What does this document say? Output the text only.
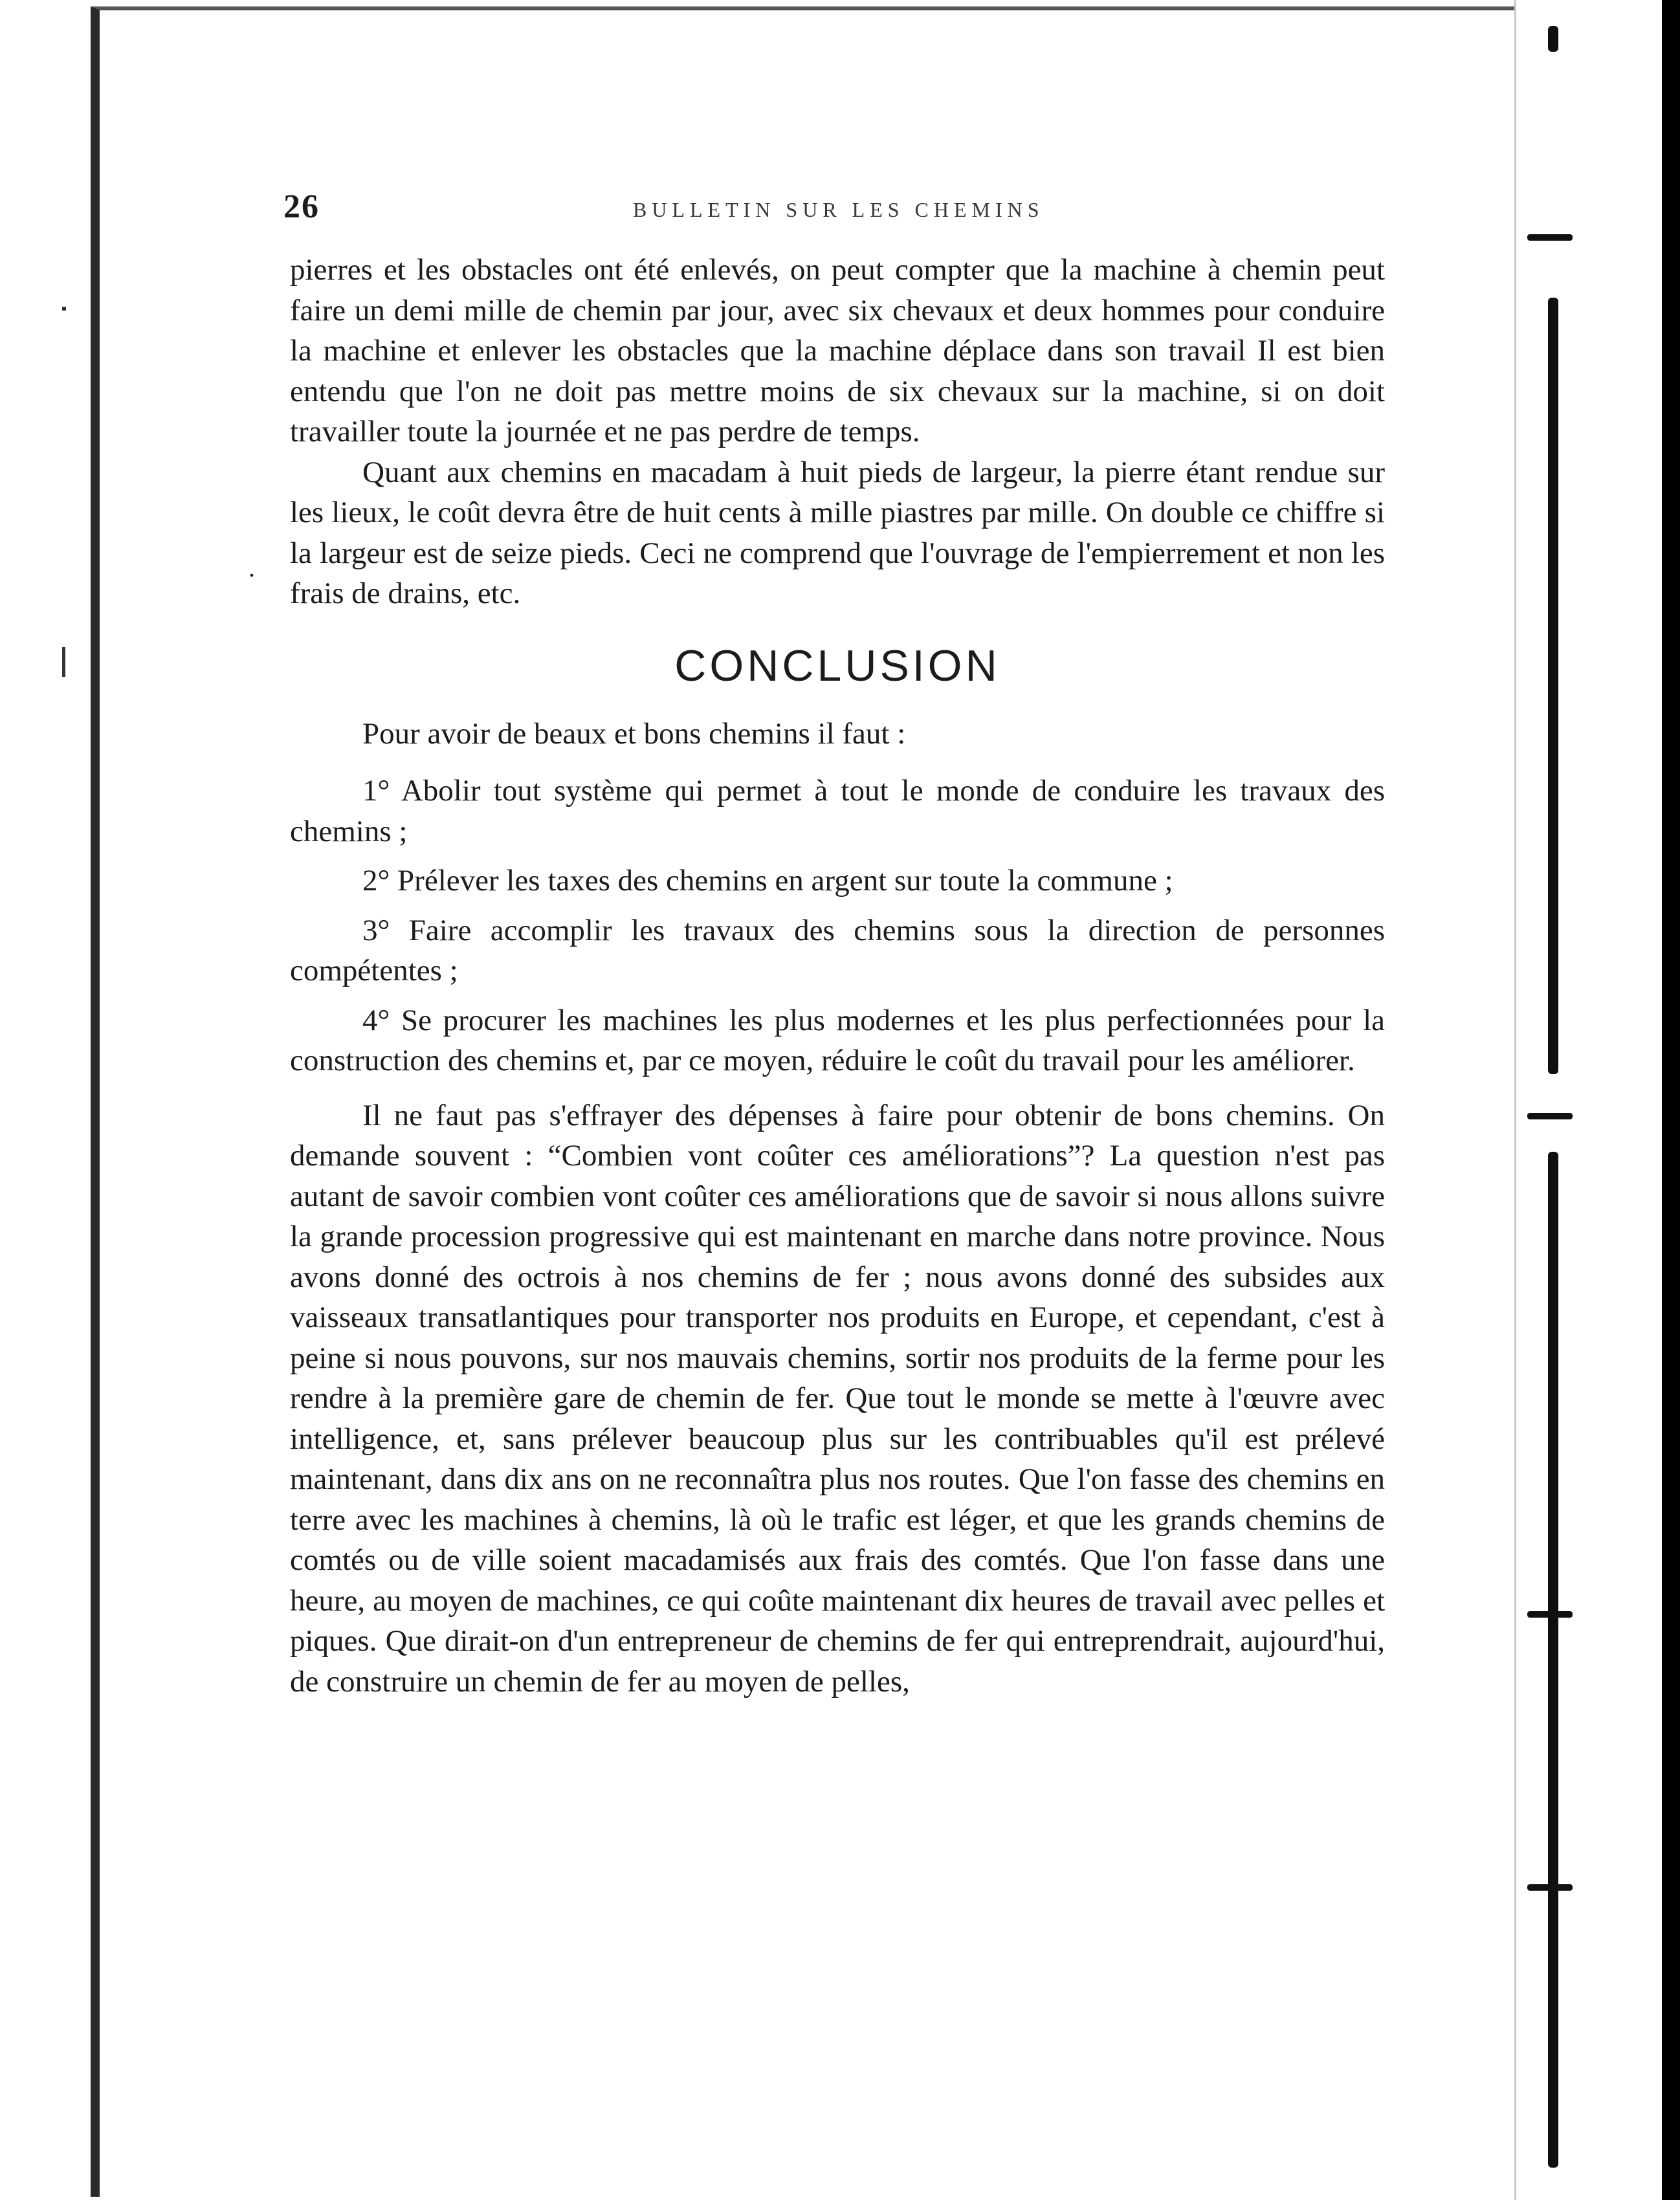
26	BULLETIN SUR LES CHEMINS
.

pierres et les obstacles ont été enlevés, on peut compter que la machine à chemin peut faire un demi mille de chemin par jour, avec six chevaux et deux hommes pour conduire la machine et enlever les obstacles que la machine déplace dans son travail Il est bien entendu que l'on ne doit pas mettre moins de six chevaux sur la machine, si on doit travailler toute la journée et ne pas perdre de temps.

Quant aux chemins en macadam à huit pieds de largeur, la pierre étant rendue sur les lieux, le coût devra être de huit cents à mille piastres par mille. On double ce chiffre si la largeur est de seize pieds. Ceci ne comprend que l'ouvrage de l'empierrement et non les frais de drains, etc.

CONCLUSION

Pour avoir de beaux et bons chemins il faut :

1° Abolir tout système qui permet à tout le monde de conduire les travaux des chemins ;

2° Prélever les taxes des chemins en argent sur toute la commune ;

3° Faire accomplir les travaux des chemins sous la direction de personnes compétentes ;

4° Se procurer les machines les plus modernes et les plus perfectionnées pour la construction des chemins et, par ce moyen, réduire le coût du travail pour les améliorer.

Il ne faut pas s'effrayer des dépenses à faire pour obtenir de bons chemins. On demande souvent : “Combien vont coûter ces améliorations”? La question n'est pas autant de savoir combien vont coûter ces améliorations que de savoir si nous allons suivre la grande procession progressive qui est maintenant en marche dans notre province. Nous avons donné des octrois à nos chemins de fer ; nous avons donné des subsides aux vaisseaux transatlantiques pour transporter nos produits en Europe, et cependant, c'est à peine si nous pouvons, sur nos mauvais chemins, sortir nos produits de la ferme pour les rendre à la première gare de chemin de fer. Que tout le monde se mette à l'œuvre avec intelligence, et, sans prélever beaucoup plus sur les contribuables qu'il est prélevé maintenant, dans dix ans on ne reconnaîtra plus nos routes. Que l'on fasse des chemins en terre avec les machines à chemins, là où le trafic est léger, et que les grands chemins de comtés ou de ville soient macadamisés aux frais des comtés. Que l'on fasse dans une heure, au moyen de machines, ce qui coûte maintenant dix heures de travail avec pelles et piques. Que dirait-on d'un entrepreneur de chemins de fer qui entreprendrait, aujourd'hui, de construire un chemin de fer au moyen de pelles,
